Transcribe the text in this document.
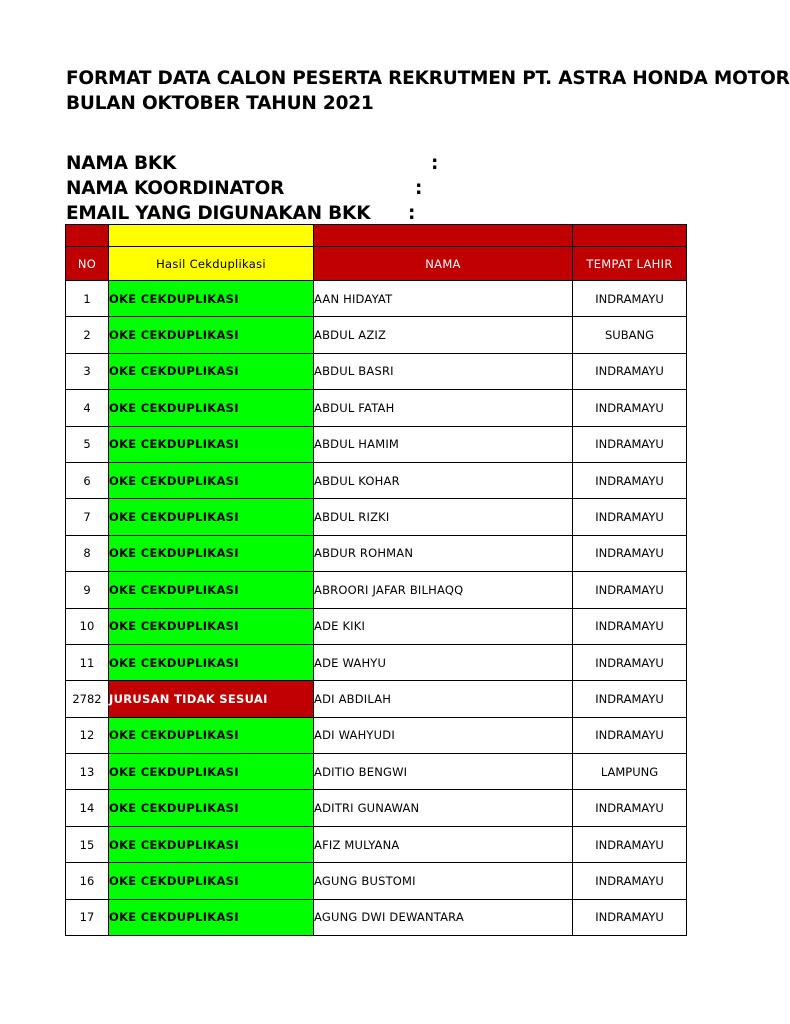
FORMAT DATA CALON PESERTA REKRUTMEN PT. ASTRA HONDA MOTOR
BULAN OKTOBER TAHUN 2021
NAMA BKK	:
NAMA KOORDINATOR	:
EMAIL YANG DIGUNAKAN BKK :

NO	Hasil Cekduplikasi	NAMA	TEMPAT LAHIR
1	OKE CEKDUPLIKASI	AAN HIDAYAT	INDRAMAYU
2	OKE CEKDUPLIKASI	ABDUL AZIZ	SUBANG
3	OKE CEKDUPLIKASI	ABDUL BASRI	INDRAMAYU
4	OKE CEKDUPLIKASI	ABDUL FATAH	INDRAMAYU
5	OKE CEKDUPLIKASI	ABDUL HAMIM	INDRAMAYU
6	OKE CEKDUPLIKASI	ABDUL KOHAR	INDRAMAYU
7	OKE CEKDUPLIKASI	ABDUL RIZKI	INDRAMAYU
8	OKE CEKDUPLIKASI	ABDUR ROHMAN	INDRAMAYU
9	OKE CEKDUPLIKASI	ABROORI JAFAR BILHAQQ	INDRAMAYU
10	OKE CEKDUPLIKASI	ADE KIKI	INDRAMAYU
11	OKE CEKDUPLIKASI	ADE WAHYU	INDRAMAYU
2782	JURUSAN TIDAK SESUAI	ADI ABDILAH	INDRAMAYU
12	OKE CEKDUPLIKASI	ADI WAHYUDI	INDRAMAYU
13	OKE CEKDUPLIKASI	ADITIO BENGWI	LAMPUNG
14	OKE CEKDUPLIKASI	ADITRI GUNAWAN	INDRAMAYU
15	OKE CEKDUPLIKASI	AFIZ MULYANA	INDRAMAYU
16	OKE CEKDUPLIKASI	AGUNG BUSTOMI	INDRAMAYU
17	OKE CEKDUPLIKASI	AGUNG DWI DEWANTARA	INDRAMAYU
